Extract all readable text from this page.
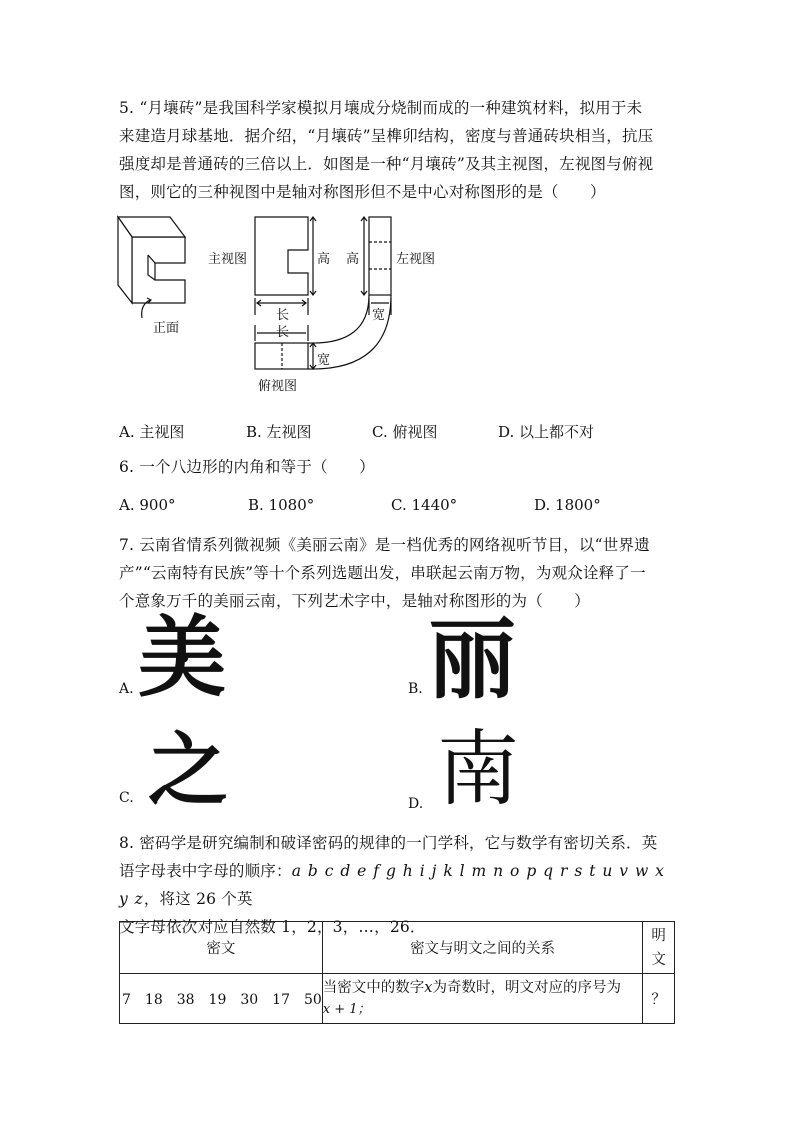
5. “月壤砖”是我国科学家模拟月壤成分烧制而成的一种建筑材料，拟用于未
来建造月球基地．据介绍，“月壤砖”呈榫卯结构，密度与普通砖块相当，抗压
强度却是普通砖的三倍以上．如图是一种“月壤砖”及其主视图，左视图与俯视
图，则它的三种视图中是轴对称图形但不是中心对称图形的是（　　）
正面
主视图	左视图
俯视图
高 高
长
长
宽
宽
A. 主视图	B. 左视图	C. 俯视图	D. 以上都不对
6. 一个八边形的内角和等于（　　）
A. 900°	B. 1080°	C. 1440°	D. 1800°
7. 云南省情系列微视频《美丽云南》是一档优秀的网络视听节目，以“世界遗
产”“云南特有民族”等十个系列选题出发，串联起云南万物，为观众诠释了一
个意象万千的美丽云南，下列艺术字中，是轴对称图形的为（　　）
A. 美	B. 丽
C. 之	D. 南
8. 密码学是研究编制和破译密码的规律的一门学科，它与数学有密切关系．英
语字母表中字母的顺序：a b c d e f g h i j k l m n o p q r s t u v w x y z，将这 26 个英
文字母依次对应自然数 1，2，3，…，26．
密文	密文与明文之间的关系	明
文

7　18　38　19　30　17　50	当密文中的数字x为奇数时，明文对应的序号为
x + 1；	？
